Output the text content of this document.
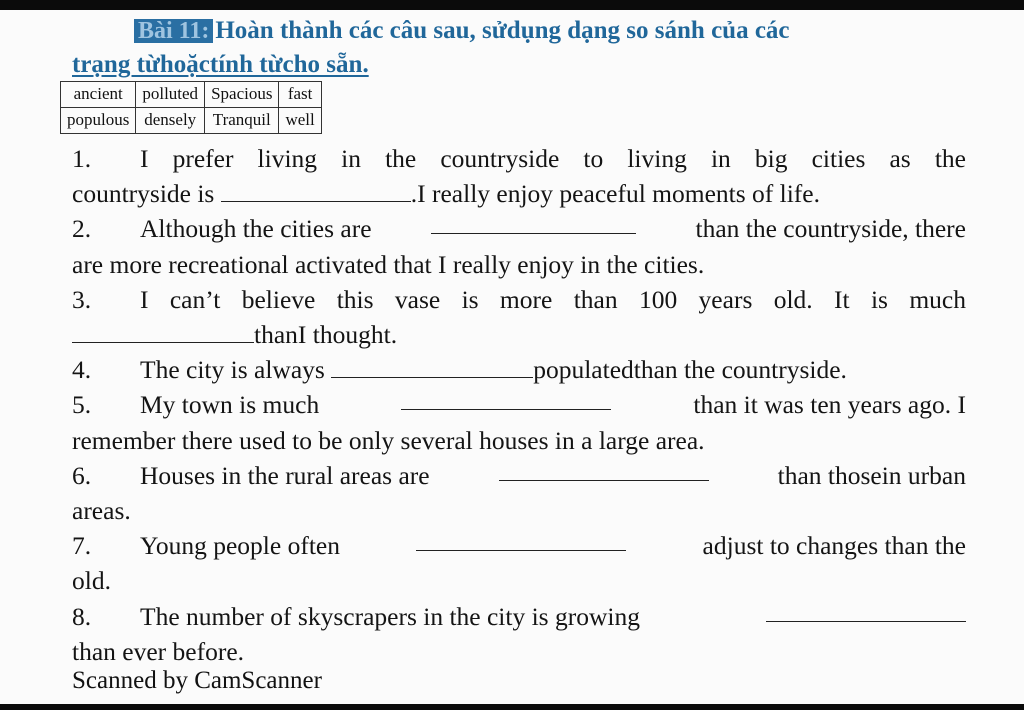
Bài 11: Hoàn thành các câu sau, sửdụng dạng so sánh của các
trạng từhoặctính từcho sẵn.
ancient	polluted	Spacious	fast
populous	densely	Tranquil	well
1. I prefer living in the countryside to living in big cities as the
countryside is	.I really enjoy peaceful moments of life.
2. Although the cities are	than the countryside, there
are more recreational activated that I really enjoy in the cities.
3. I can’t believe this vase is more than 100 years old. It is much
thanI thought.
4. The city is always	populatedthan the countryside.
5. My town is much	than it was ten years ago. I
remember there used to be only several houses in a large area.
6. Houses in the rural areas are	than thosein urban
areas.
7. Young people often	adjust to changes than the
old.
8. The number of skyscrapers in the city is growing
than ever before.
Scanned by CamScanner
